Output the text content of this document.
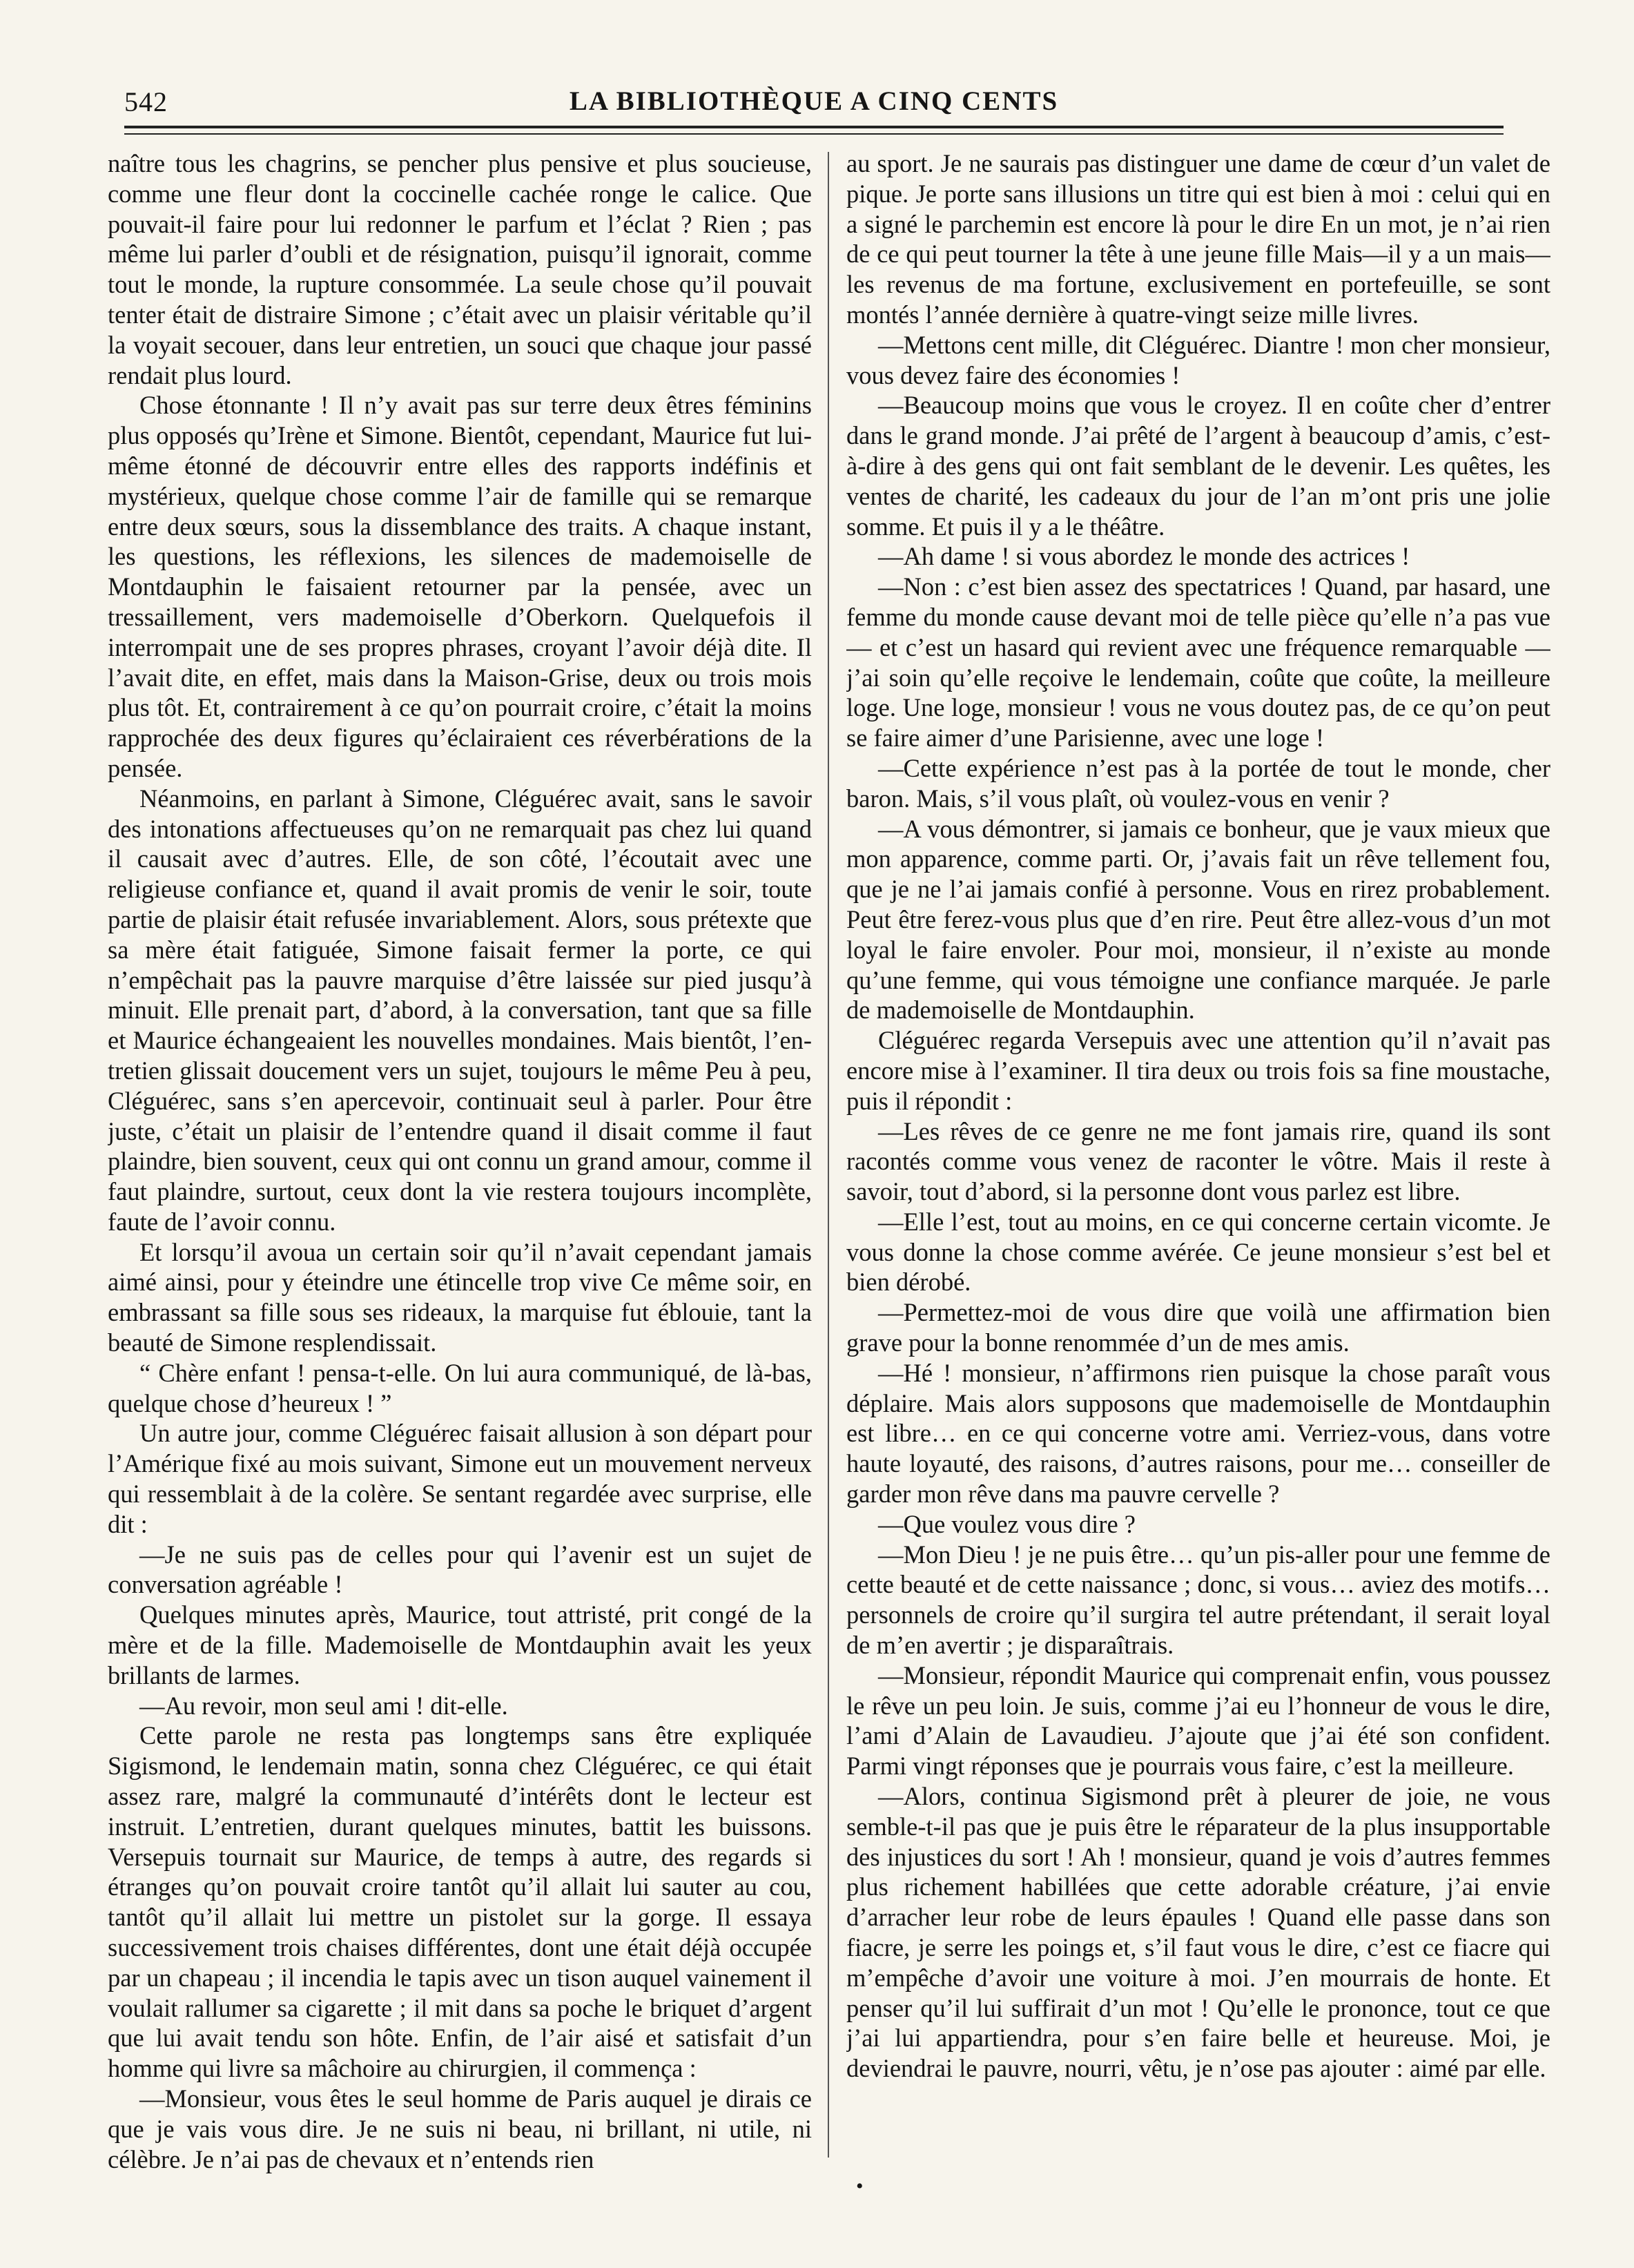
542	LA BIBLIOTHÈQUE A CINQ CENTS

naître tous les chagrins, se pencher plus pensive et plus soucieuse, comme une fleur dont la coccinelle cachée ronge le calice. Que pouvait-il faire pour lui redonner le parfum et l’éclat ? Rien ; pas même lui parler d’oubli et de résignation, puisqu’il ignorait, comme tout le monde, la rupture consommée. La seule chose qu’il pouvait tenter était de distraire Simone ; c’était avec un plaisir véritable qu’il la voyait secouer, dans leur entretien, un souci que chaque jour passé rendait plus lourd.

Chose étonnante ! Il n’y avait pas sur terre deux êtres féminins plus opposés qu’Irène et Simone. Bientôt, cependant, Maurice fut lui-même étonné de découvrir entre elles des rapports indéfinis et mystérieux, quelque chose comme l’air de famille qui se remarque entre deux sœurs, sous la dissemblance des traits. A chaque instant, les questions, les réflexions, les silences de mademoiselle de Montdauphin le faisaient retourner par la pensée, avec un tressaillement, vers mademoiselle d’Oberkorn. Quelquefois il interrompait une de ses propres phrases, croyant l’avoir déjà dite. Il l’avait dite, en effet, mais dans la Maison-Grise, deux ou trois mois plus tôt. Et, contrairement à ce qu’on pourrait croire, c’était la moins rapprochée des deux figures qu’éclairaient ces réverbérations de la pensée.

Néanmoins, en parlant à Simone, Cléguérec avait, sans le savoir des intonations affectueuses qu’on ne remarquait pas chez lui quand il causait avec d’autres. Elle, de son côté, l’écoutait avec une religieuse confiance et, quand il avait promis de venir le soir, toute partie de plaisir était refusée invariablement. Alors, sous prétexte que sa mère était fatiguée, Simone faisait fermer la porte, ce qui n’empêchait pas la pauvre marquise d’être laissée sur pied jusqu’à minuit. Elle prenait part, d’abord, à la conversation, tant que sa fille et Maurice échangeaient les nouvelles mondaines. Mais bientôt, l’entretien glissait doucement vers un sujet, toujours le même Peu à peu, Cléguérec, sans s’en apercevoir, continuait seul à parler. Pour être juste, c’était un plaisir de l’entendre quand il disait comme il faut plaindre, bien souvent, ceux qui ont connu un grand amour, comme il faut plaindre, surtout, ceux dont la vie restera toujours incomplète, faute de l’avoir connu.

Et lorsqu’il avoua un certain soir qu’il n’avait cependant jamais aimé ainsi, pour y éteindre une étincelle trop vive Ce même soir, en embrassant sa fille sous ses rideaux, la marquise fut éblouie, tant la beauté de Simone resplendissait.

“ Chère enfant ! pensa-t-elle. On lui aura communiqué, de là-bas, quelque chose d’heureux ! ”

Un autre jour, comme Cléguérec faisait allusion à son départ pour l’Amérique fixé au mois suivant, Simone eut un mouvement nerveux qui ressemblait à de la colère. Se sentant regardée avec surprise, elle dit :

—Je ne suis pas de celles pour qui l’avenir est un sujet de conversation agréable !

Quelques minutes après, Maurice, tout attristé, prit congé de la mère et de la fille. Mademoiselle de Montdauphin avait les yeux brillants de larmes.

—Au revoir, mon seul ami ! dit-elle.

Cette parole ne resta pas longtemps sans être expliquée Sigismond, le lendemain matin, sonna chez Cléguérec, ce qui était assez rare, malgré la communauté d’intérêts dont le lecteur est instruit. L’entretien, durant quelques minutes, battit les buissons. Versepuis tournait sur Maurice, de temps à autre, des regards si étranges qu’on pouvait croire tantôt qu’il allait lui sauter au cou, tantôt qu’il allait lui mettre un pistolet sur la gorge. Il essaya successivement trois chaises différentes, dont une était déjà occupée par un chapeau ; il incendia le tapis avec un tison auquel vainement il voulait rallumer sa cigarette ; il mit dans sa poche le briquet d’argent que lui avait tendu son hôte. Enfin, de l’air aisé et satisfait d’un homme qui livre sa mâchoire au chirurgien, il commença :

—Monsieur, vous êtes le seul homme de Paris auquel je dirais ce que je vais vous dire. Je ne suis ni beau, ni brillant, ni utile, ni célèbre. Je n’ai pas de chevaux et n’entends rien

au sport. Je ne saurais pas distinguer une dame de cœur d’un valet de pique. Je porte sans illusions un titre qui est bien à moi : celui qui en a signé le parchemin est encore là pour le dire En un mot, je n’ai rien de ce qui peut tourner la tête à une jeune fille Mais—il y a un mais—les revenus de ma fortune, exclusivement en portefeuille, se sont montés l’année dernière à quatre-vingt seize mille livres.

—Mettons cent mille, dit Cléguérec. Diantre ! mon cher monsieur, vous devez faire des économies !

—Beaucoup moins que vous le croyez. Il en coûte cher d’entrer dans le grand monde. J’ai prêté de l’argent à beaucoup d’amis, c’est-à-dire à des gens qui ont fait semblant de le devenir. Les quêtes, les ventes de charité, les cadeaux du jour de l’an m’ont pris une jolie somme. Et puis il y a le théâtre.

—Ah dame ! si vous abordez le monde des actrices !

—Non : c’est bien assez des spectatrices ! Quand, par hasard, une femme du monde cause devant moi de telle pièce qu’elle n’a pas vue — et c’est un hasard qui revient avec une fréquence remarquable —j’ai soin qu’elle reçoive le lendemain, coûte que coûte, la meilleure loge. Une loge, monsieur ! vous ne vous doutez pas, de ce qu’on peut se faire aimer d’une Parisienne, avec une loge !

—Cette expérience n’est pas à la portée de tout le monde, cher baron. Mais, s’il vous plaît, où voulez-vous en venir ?

—A vous démontrer, si jamais ce bonheur, que je vaux mieux que mon apparence, comme parti. Or, j’avais fait un rêve tellement fou, que je ne l’ai jamais confié à personne. Vous en rirez probablement. Peut être ferez-vous plus que d’en rire. Peut être allez-vous d’un mot loyal le faire envoler. Pour moi, monsieur, il n’existe au monde qu’une femme, qui vous témoigne une confiance marquée. Je parle de mademoiselle de Montdauphin.

Cléguérec regarda Versepuis avec une attention qu’il n’avait pas encore mise à l’examiner. Il tira deux ou trois fois sa fine moustache, puis il répondit :

—Les rêves de ce genre ne me font jamais rire, quand ils sont racontés comme vous venez de raconter le vôtre. Mais il reste à savoir, tout d’abord, si la personne dont vous parlez est libre.

—Elle l’est, tout au moins, en ce qui concerne certain vicomte. Je vous donne la chose comme avérée. Ce jeune monsieur s’est bel et bien dérobé.

—Permettez-moi de vous dire que voilà une affirmation bien grave pour la bonne renommée d’un de mes amis.

—Hé ! monsieur, n’affirmons rien puisque la chose paraît vous déplaire. Mais alors supposons que mademoiselle de Montdauphin est libre… en ce qui concerne votre ami. Verriez-vous, dans votre haute loyauté, des raisons, d’autres raisons, pour me… conseiller de garder mon rêve dans ma pauvre cervelle ?

—Que voulez vous dire ?

—Mon Dieu ! je ne puis être… qu’un pis-aller pour une femme de cette beauté et de cette naissance ; donc, si vous… aviez des motifs… personnels de croire qu’il surgira tel autre prétendant, il serait loyal de m’en avertir ; je disparaîtrais.

—Monsieur, répondit Maurice qui comprenait enfin, vous poussez le rêve un peu loin. Je suis, comme j’ai eu l’honneur de vous le dire, l’ami d’Alain de Lavaudieu. J’ajoute que j’ai été son confident. Parmi vingt réponses que je pourrais vous faire, c’est la meilleure.

—Alors, continua Sigismond prêt à pleurer de joie, ne vous semble-t-il pas que je puis être le réparateur de la plus insupportable des injustices du sort ! Ah ! monsieur, quand je vois d’autres femmes plus richement habillées que cette adorable créature, j’ai envie d’arracher leur robe de leurs épaules ! Quand elle passe dans son fiacre, je serre les poings et, s’il faut vous le dire, c’est ce fiacre qui m’empêche d’avoir une voiture à moi. J’en mourrais de honte. Et penser qu’il lui suffirait d’un mot ! Qu’elle le prononce, tout ce que j’ai lui appartiendra, pour s’en faire belle et heureuse. Moi, je deviendrai le pauvre, nourri, vêtu, je n’ose pas ajouter : aimé par elle.

•
